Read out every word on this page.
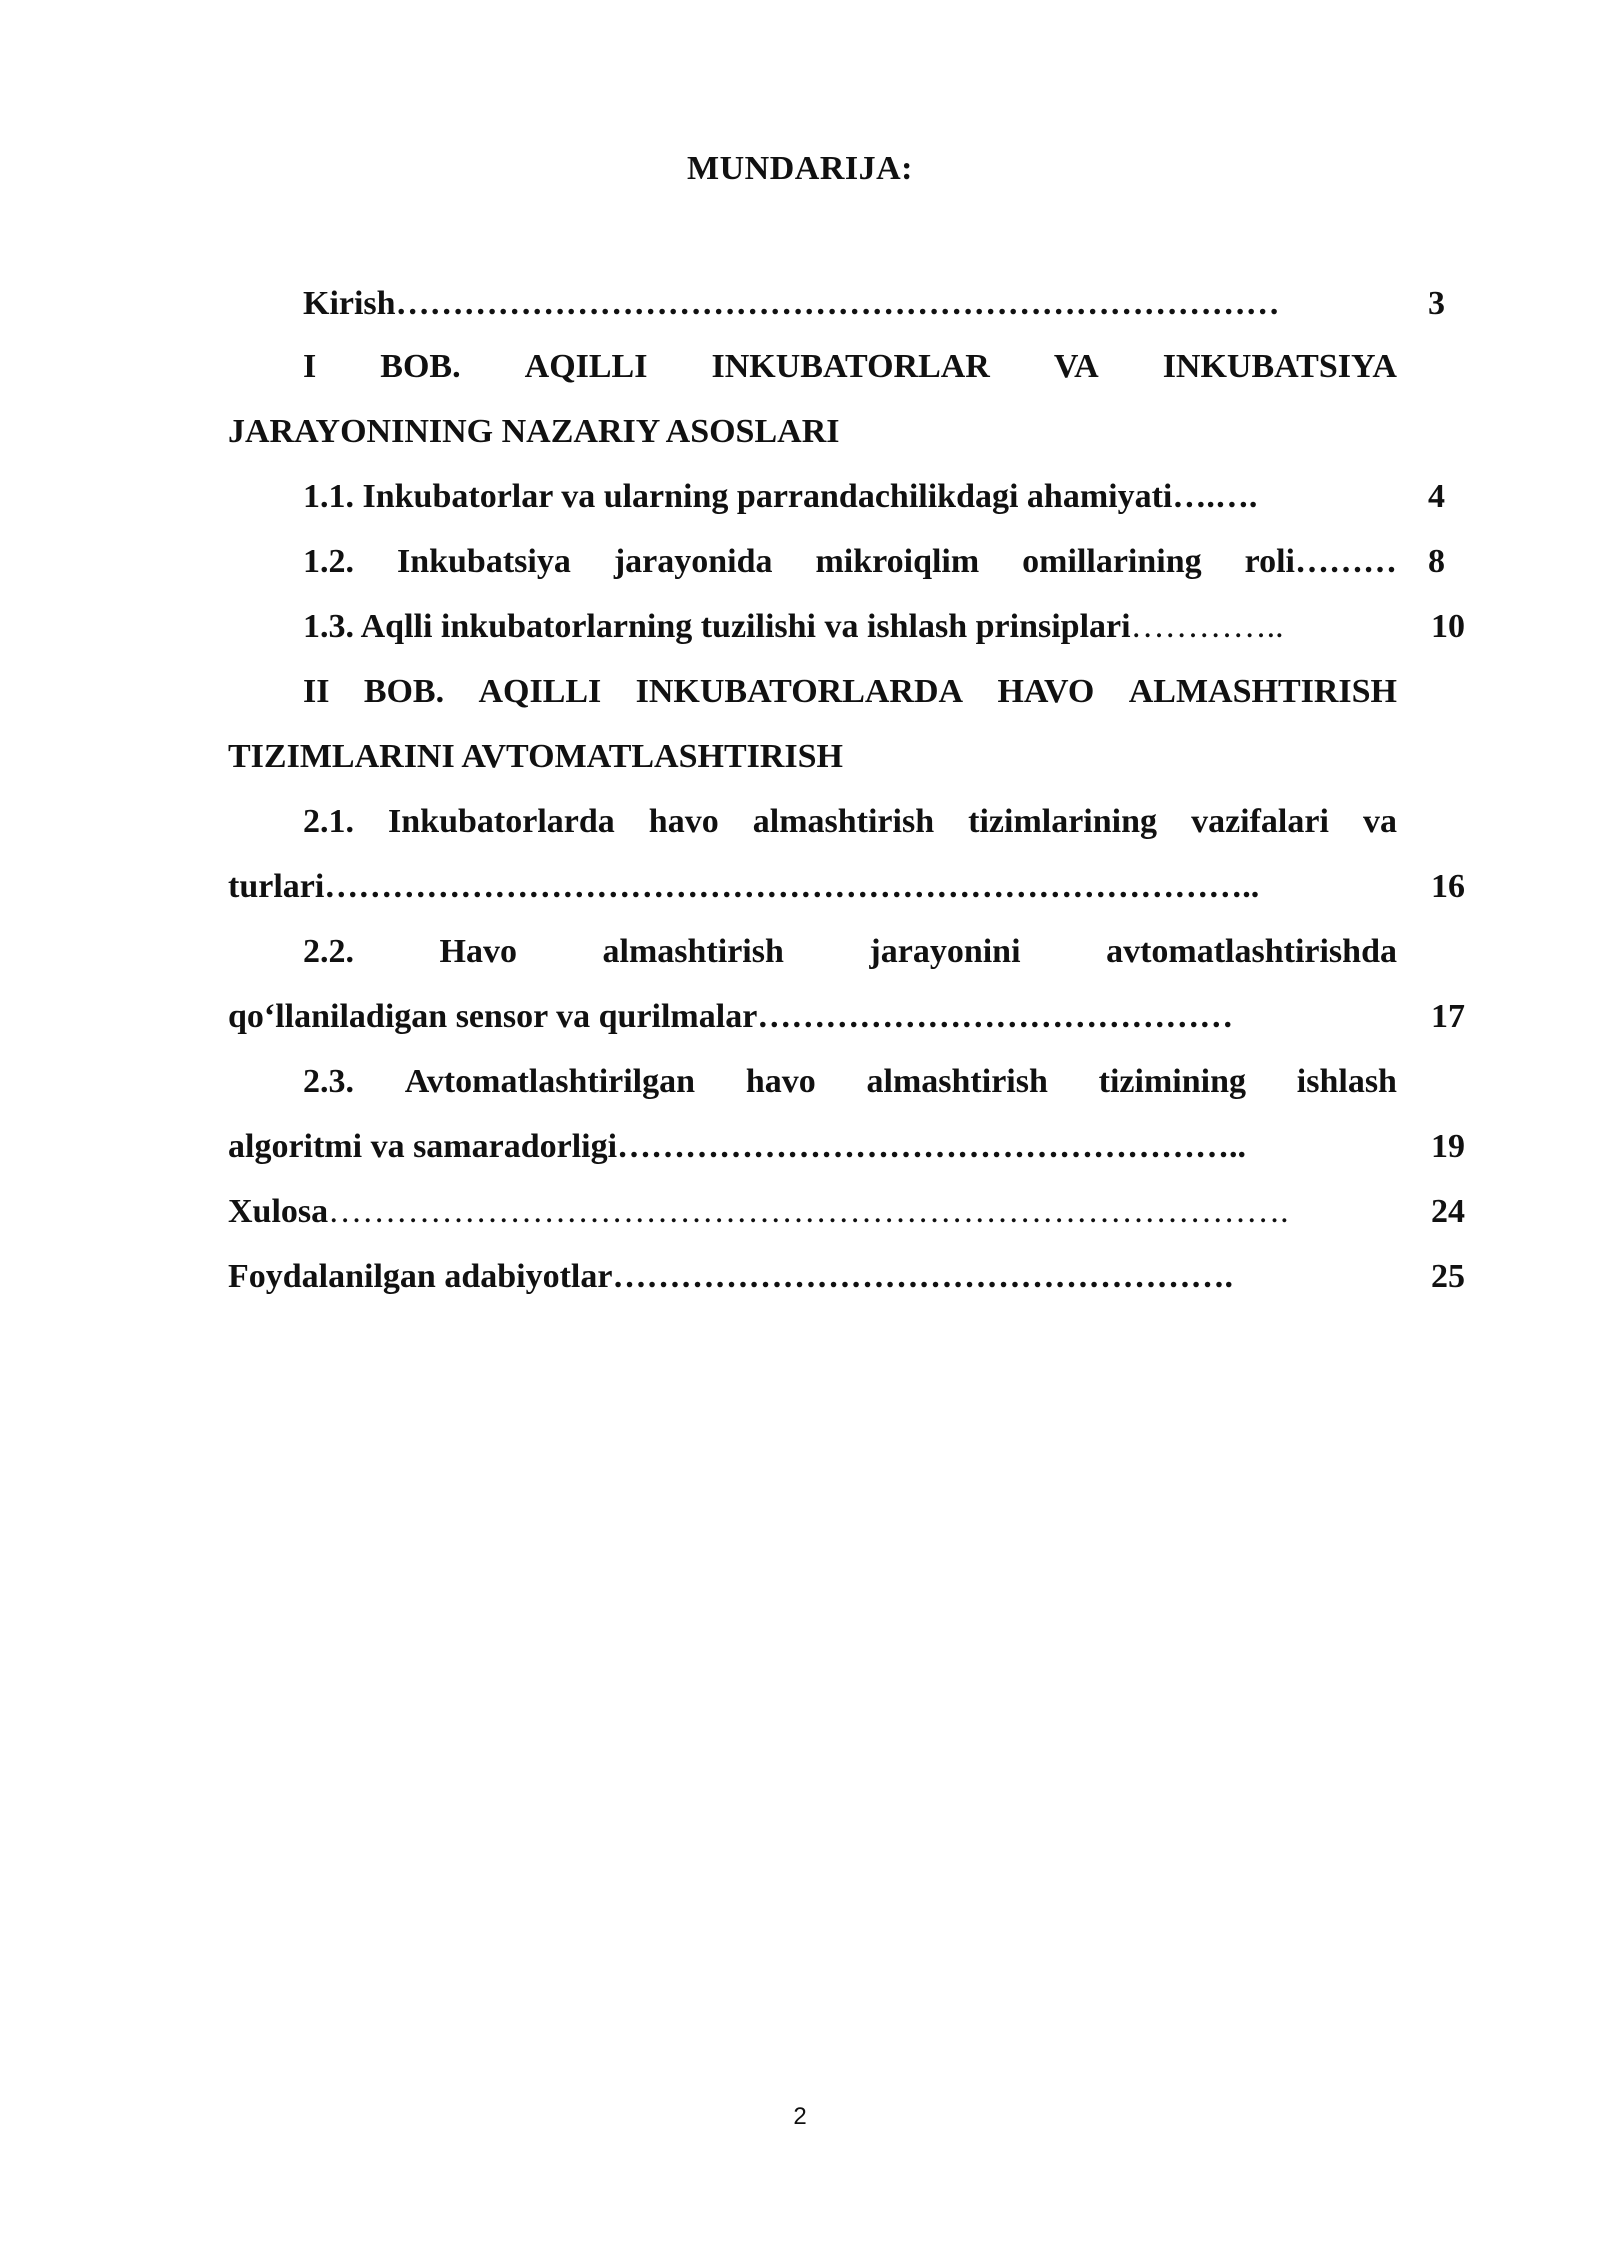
MUNDARIJA:
Kirish……………………………………………………………………	3
I BOB. AQILLI INKUBATORLAR VA INKUBATSIYA
JARAYONINING NAZARIY ASOSLARI
1.1. Inkubatorlar va ularning parrandachilikdagi ahamiyati….….	4
1.2. Inkubatsiya jarayonida mikroiqlim omillarining roli……… 8
1.3. Aqlli inkubatorlarning tuzilishi va ishlash prinsiplari…………..	10
II BOB. AQILLI INKUBATORLARDA HAVO ALMASHTIRISH
TIZIMLARINI AVTOMATLASHTIRISH
2.1. Inkubatorlarda havo almashtirish tizimlarining vazifalari va
turlari………………………………………………………………………..	16
2.2.	Havo	almashtirish	jarayonini	avtomatlashtirishda
qo‘llaniladigan sensor va qurilmalar……………………………………	17
2.3. Avtomatlashtirilgan havo almashtirish tizimining ishlash
algoritmi va samaradorligi………………………………………………..	19
Xulosa………………………………………………………………………….	24
Foydalanilgan adabiyotlar……………………………………………….	25
2
